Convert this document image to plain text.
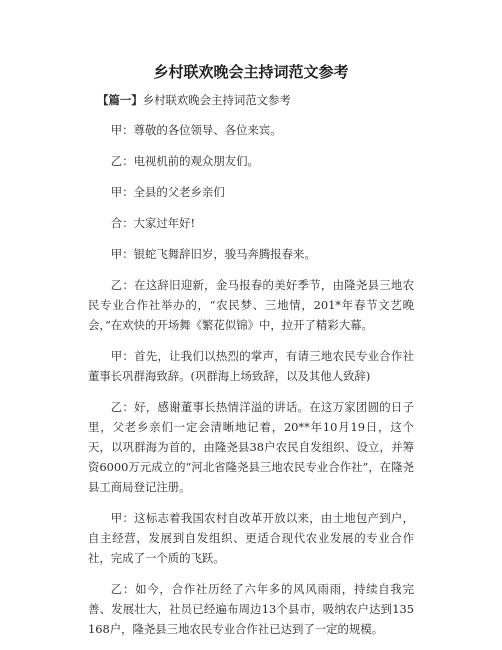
乡村联欢晚会主持词范文参考

【篇一】乡村联欢晚会主持词范文参考

甲：尊敬的各位领导、各位来宾。

乙：电视机前的观众朋友们。

甲：全县的父老乡亲们

合：大家过年好!

甲：银蛇飞舞辞旧岁，骏马奔腾报春来。

乙：在这辞旧迎新，金马报春的美好季节，由隆尧县三地农民专业合作社举办的，“农民梦、三地情，201*年春节文艺晚会，”在欢快的开场舞《繁花似锦》中，拉开了精彩大幕。

甲：首先，让我们以热烈的掌声，有请三地农民专业合作社董事长巩群海致辞。(巩群海上场致辞，以及其他人致辞)

乙：好，感谢董事长热情洋溢的讲话。在这万家团圆的日子里，父老乡亲们一定会清晰地记着，20**年10月19日，这个天，以巩群海为首的，由隆尧县38户农民自发组织、设立，并筹资6000万元成立的“河北省隆尧县三地农民专业合作社”，在隆尧县工商局登记注册。

甲：这标志着我国农村自改革开放以来，由土地包产到户，自主经营，发展到自发组织、更适合现代农业发展的专业合作社，完成了一个质的飞跃。

乙：如今，合作社历经了六年多的风风雨雨，持续自我完善、发展壮大，社员已经遍布周边13个县市，吸纳农户达到135168户，隆尧县三地农民专业合作社已达到了一定的规模。
